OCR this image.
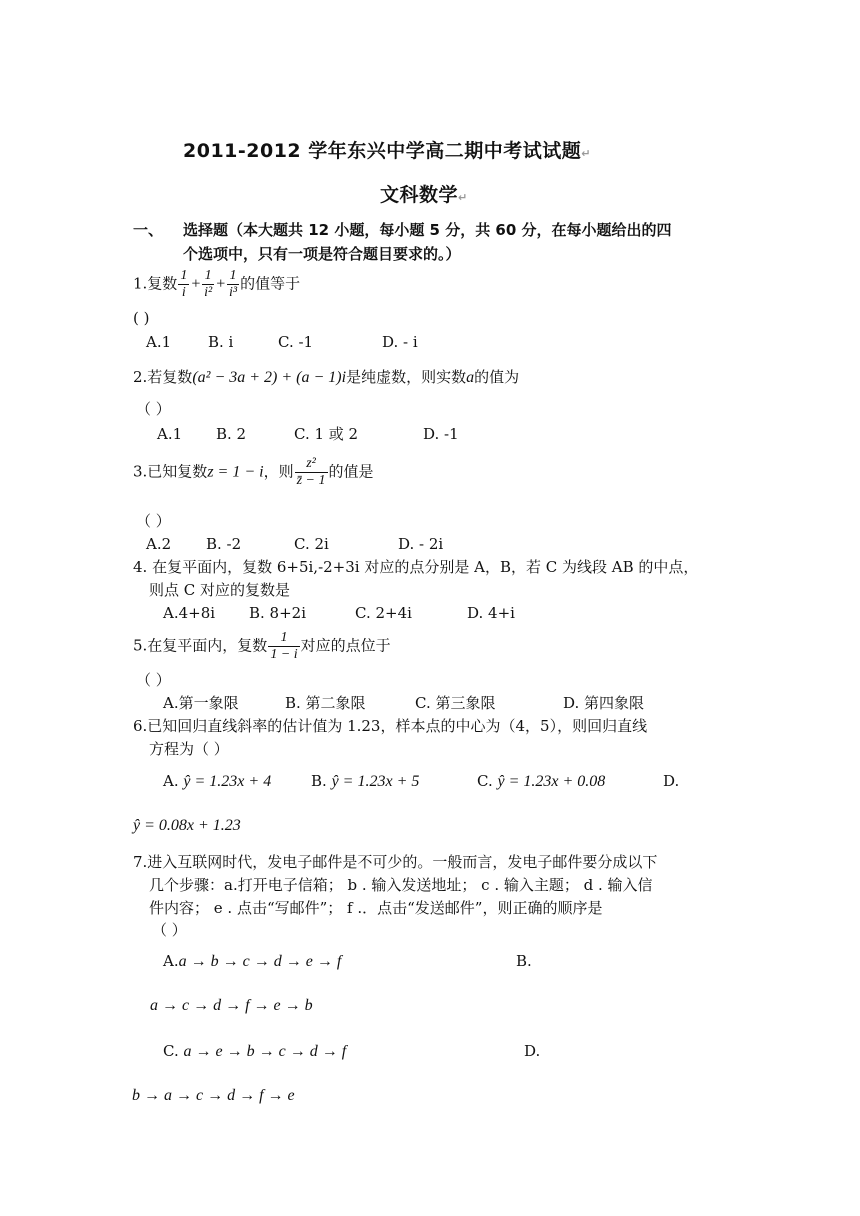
2011-2012 学年东兴中学高二期中考试试题↵
文科数学↵
一、 选择题（本大题共 12 小题，每小题 5 分，共 60 分，在每小题给出的四
个选项中，只有一项是符合题目要求的。）
1.复数 $\frac{1}{i} + \frac{1}{\text{i²}} + \frac{1}{\text{i³}}$ 的值等于
( )
A.1 B. i	C. -1	D. - i
2.若复数(a² − 3a + 2) + (a − 1)i是纯虚数，则实数a的值为
（ ）
A.1 B. 2	C. 1 或 2	D. -1
3.已知复数z = 1 − i，则 $\frac{\text{z²}}{z̄ - 1}$ 的值是
（ ）
A.2 B. -2	C. 2i	D. - 2i
4. 在复平面内，复数 6+5i,-2+3i 对应的点分别是 A，B，若 C 为线段 AB 的中点，
则点 C 对应的复数是
A.4+8i B. 8+2i	C. 2+4i	D. 4+i
5.在复平面内，复数 $\frac{1}{1 - i}$ 对应的点位于
（ ）
A.第一象限	B. 第二象限	C. 第三象限	D. 第四象限
6.已知回归直线斜率的估计值为 1.23，样本点的中心为（4，5），则回归直线
方程为（ ）
A. ŷ = 1.23x + 4	B. ŷ = 1.23x + 5	C. ŷ = 1.23x + 0.08	D.
ŷ = 0.08x + 1.23
7.进入互联网时代，发电子邮件是不可少的。一般而言，发电子邮件要分成以下
几个步骤：a.打开电子信箱； b . 输入发送地址； c . 输入主题； d . 输入信
件内容； e . 点击“写邮件”； f .．点击“发送邮件”，则正确的顺序是
（ ）
A.a → b → c → d → e → f	B.
a → c → d → f → e → b
C. a → e → b → c → d → f	D.
b → a → c → d → f → e
